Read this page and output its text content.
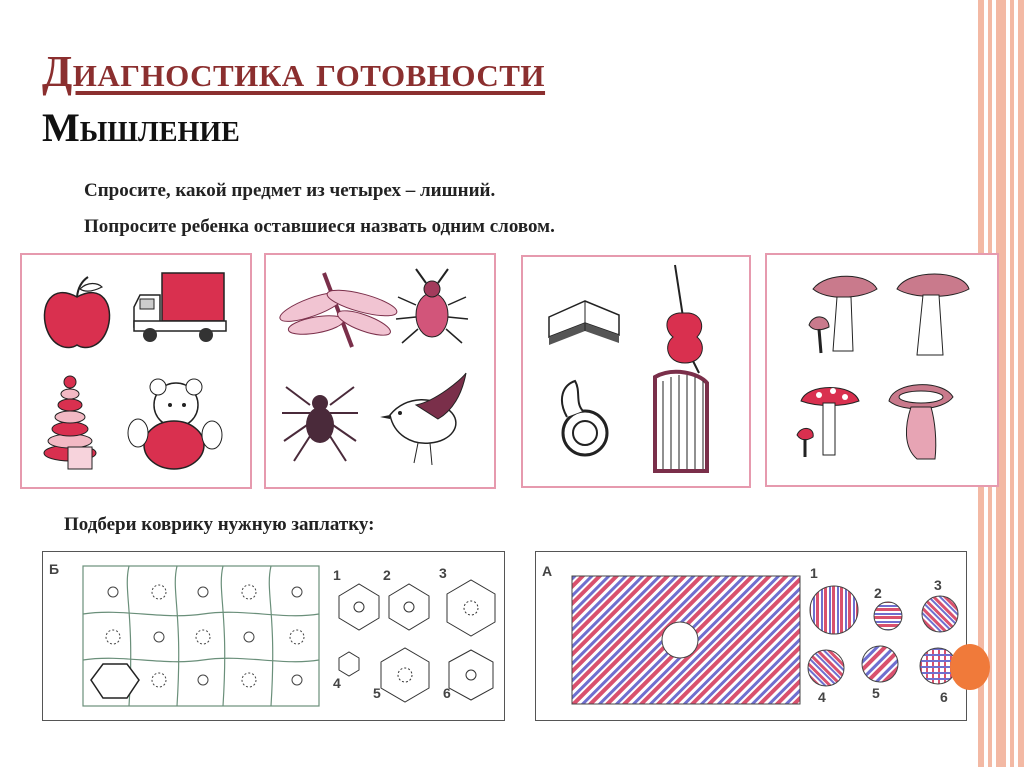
Диагностика готовности
Мышление
Спросите, какой предмет из четырех – лишний.
Попросите ребенка оставшиеся назвать одним словом.
Подбери коврику нужную заплатку:
Б	1	2	3
4
5	6
А	1
2	3
4	5	6
